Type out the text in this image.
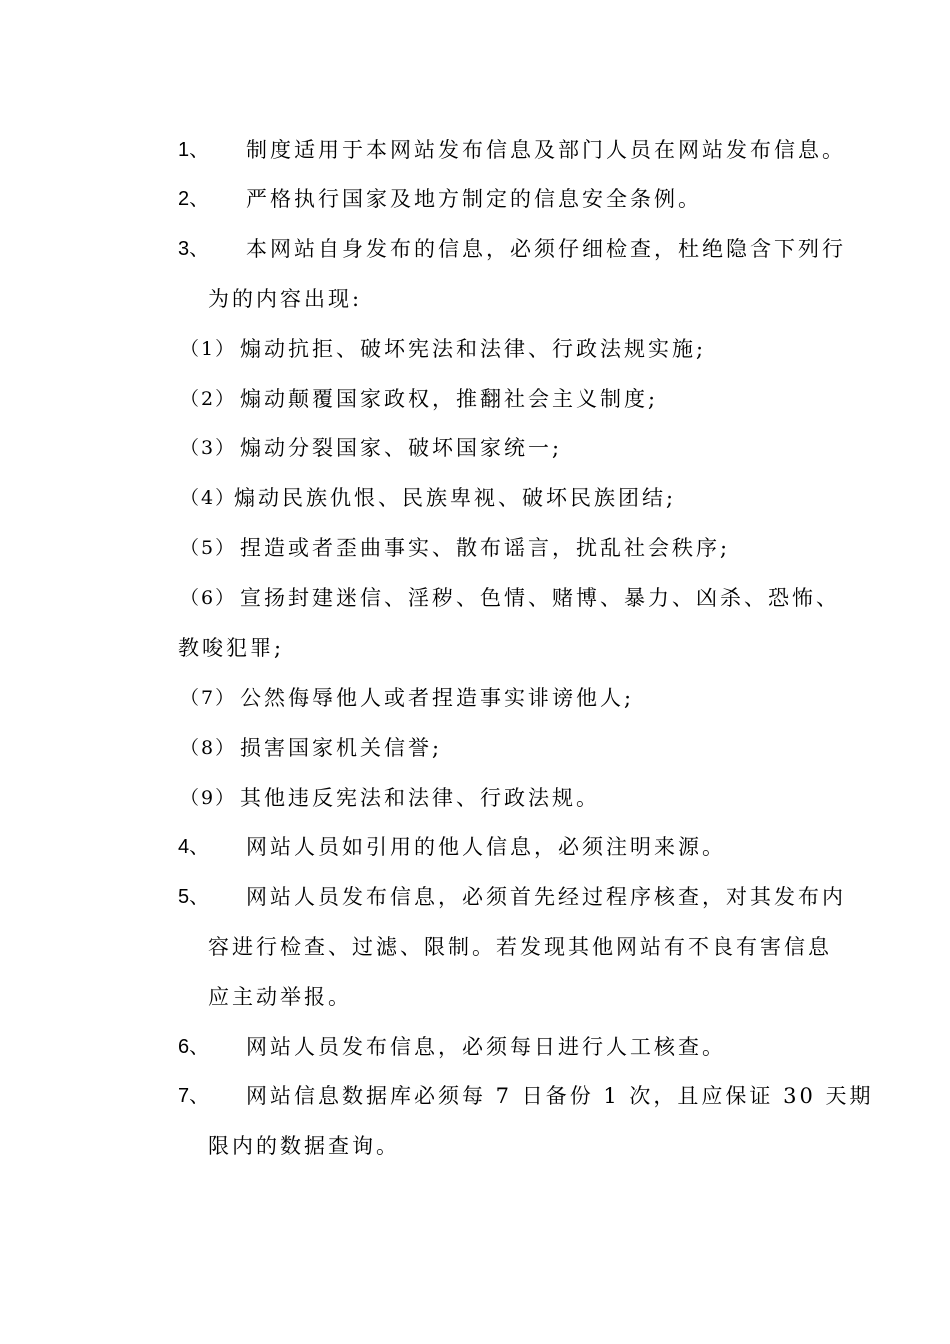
1、 制度适用于本网站发布信息及部门人员在网站发布信息。
2、 严格执行国家及地方制定的信息安全条例。
3、 本网站自身发布的信息，必须仔细检查，杜绝隐含下列行
为的内容出现:
（1） 煽动抗拒、破坏宪法和法律、行政法规实施;
（2） 煽动颠覆国家政权，推翻社会主义制度;
（3） 煽动分裂国家、破坏国家统一;
（4）
煽动民族仇恨、民族卑视、破坏民族团结;
（5） 捏造或者歪曲事实、散布谣言，扰乱社会秩序;
（6） 宣扬封建迷信、淫秽、色情、赌博、暴力、凶杀、恐怖、
教唆犯罪;
（7） 公然侮辱他人或者捏造事实诽谤他人;
（8） 损害国家机关信誉;
（9） 其他违反宪法和法律、行政法规。
4、 网站人员如引用的他人信息，必须注明来源。
5、 网站人员发布信息，必须首先经过程序核查，对其发布内
容进行检查、过滤、限制。若发现其他网站有不良有害信息
应主动举报。
6、 网站人员发布信息，必须每日进行人工核查。
7、 网站信息数据库必须每 7 日备份 1 次，且应保证 30 天期
限内的数据查询。
